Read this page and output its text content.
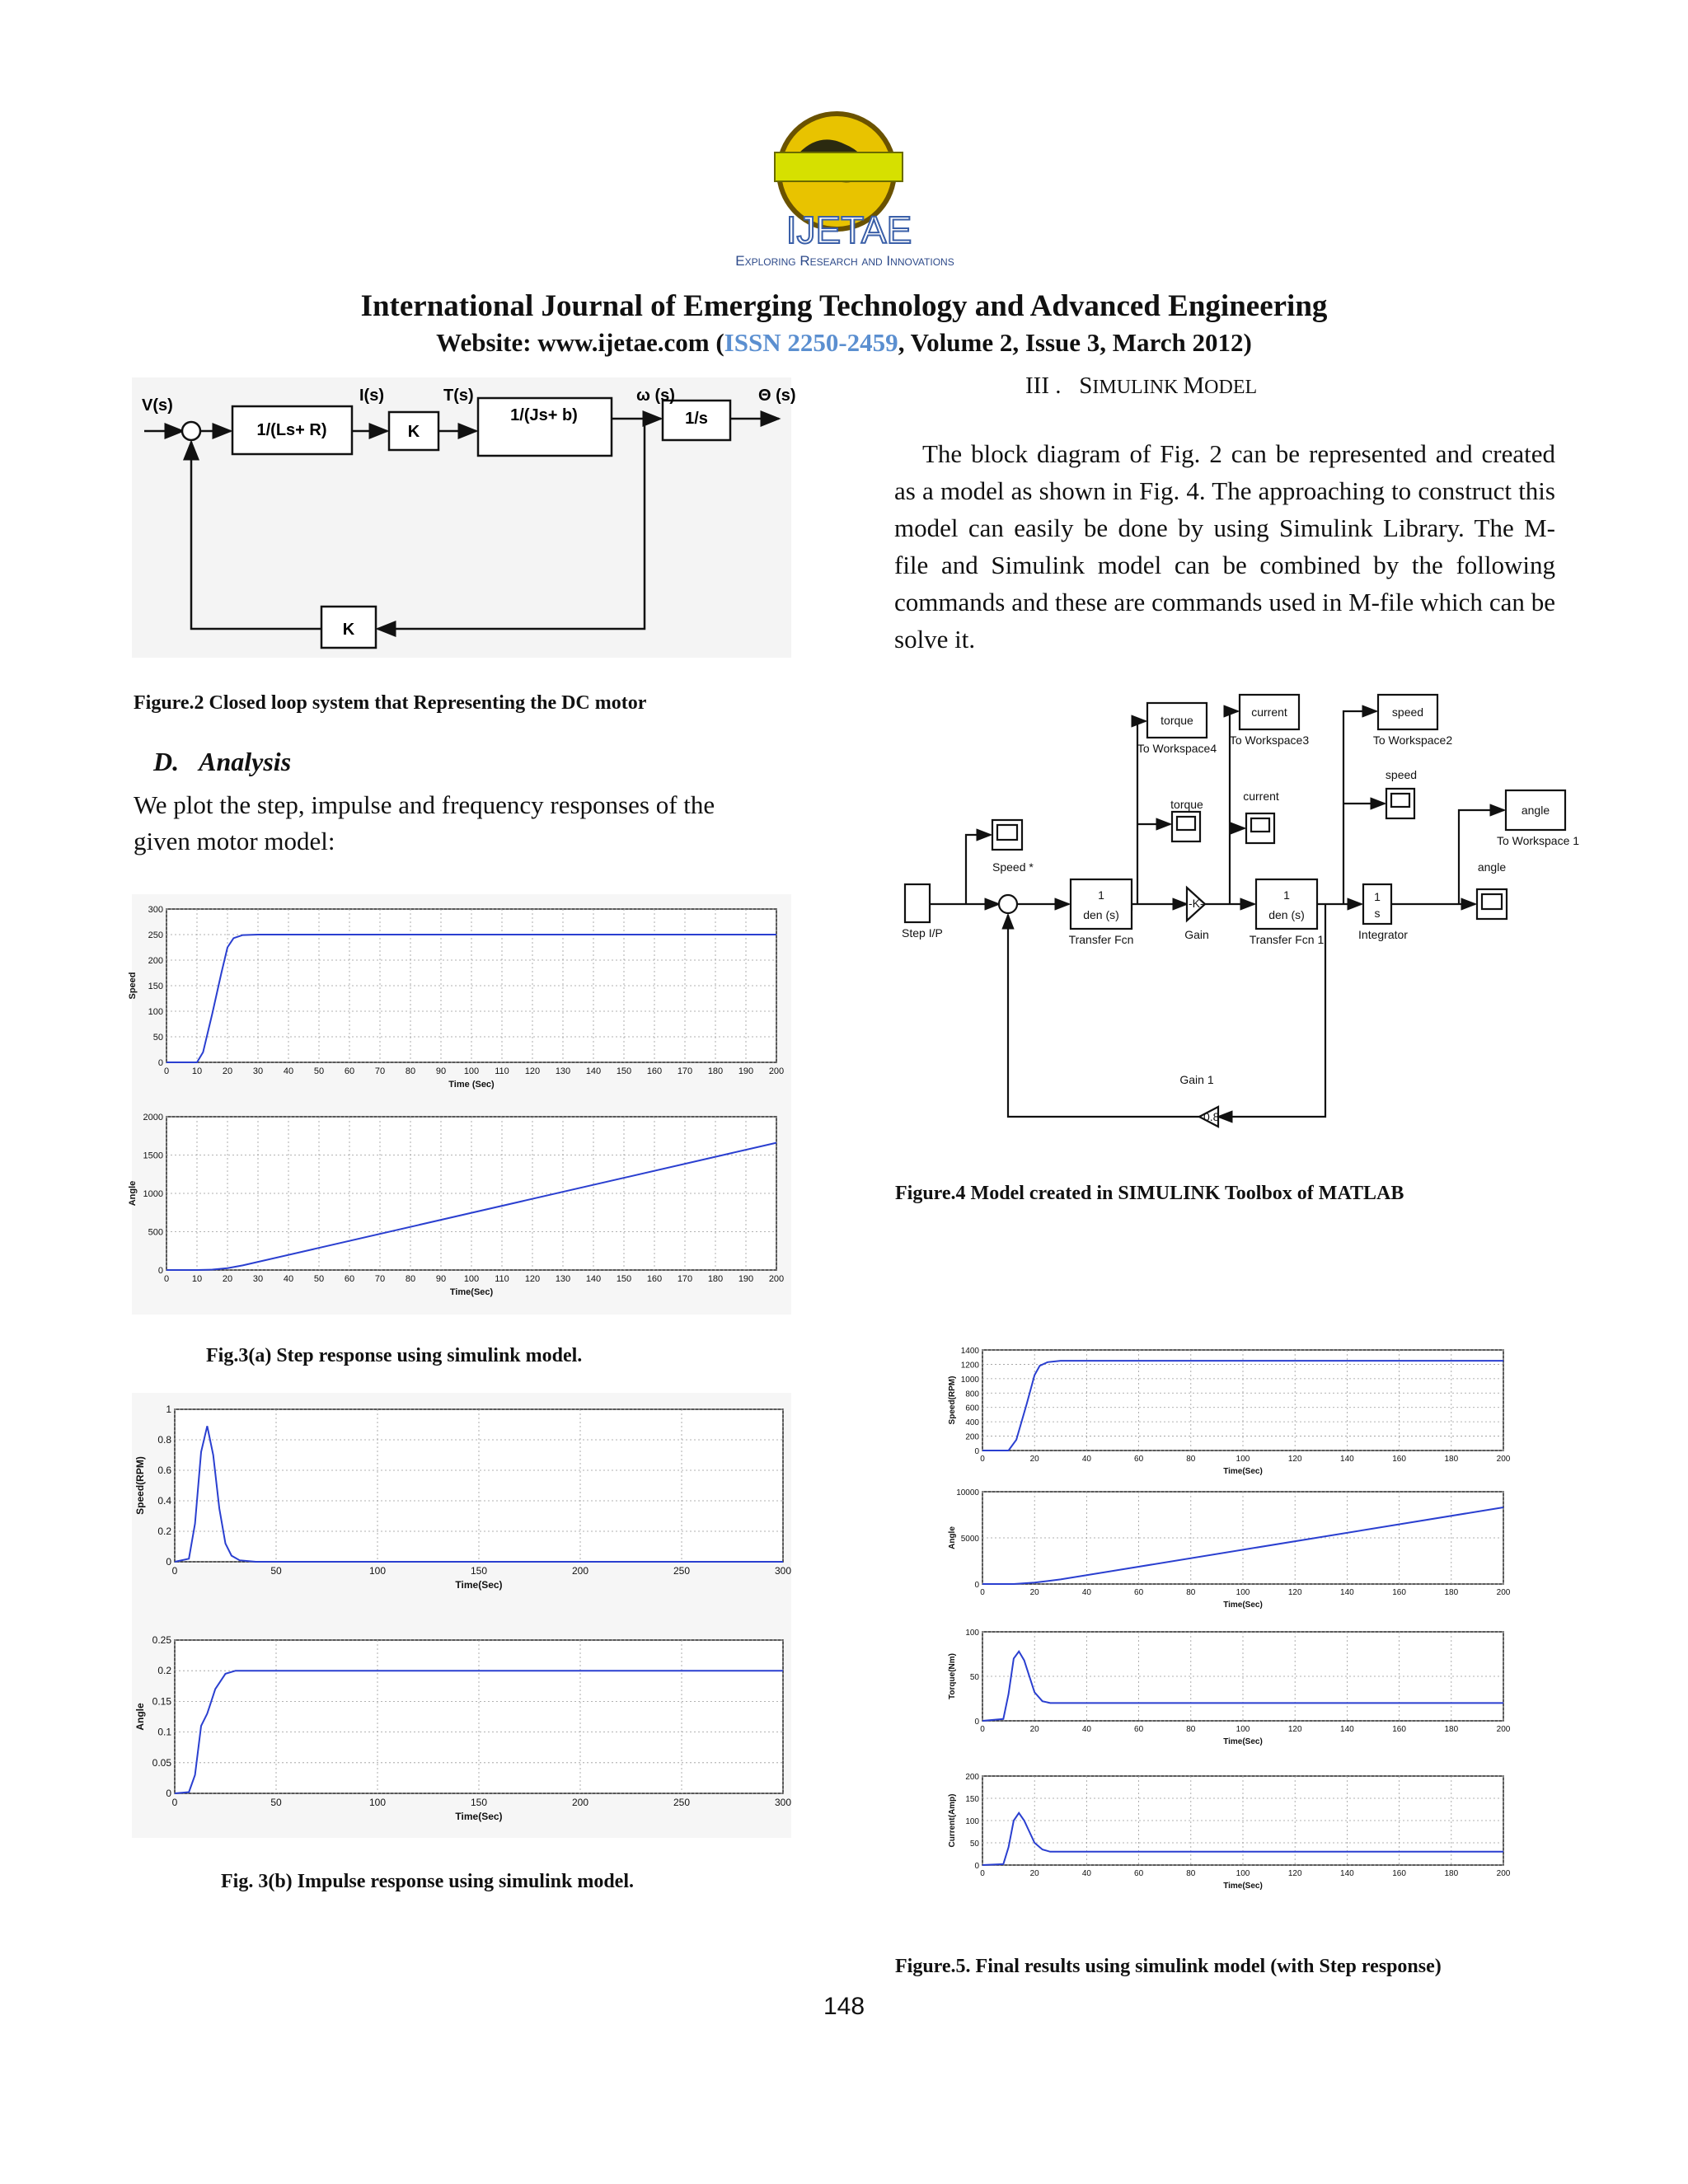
IJETAE
Exploring Research and Innovations
International Journal of Emerging Technology and Advanced Engineering
Website: www.ijetae.com (ISSN 2250-2459, Volume 2, Issue 3, March 2012)
V(s)
I(s)	T(s)	ω (s)	Θ (s)
1/(Ls+ R)	K
1/(Js+ b)	1/s
K
Figure.2 Closed loop system that Representing the DC motor
D. Analysis
We plot the step, impulse and frequency responses of the given motor model:
0	10 20 30 40 50 60 70 80 90 100 110 120 130 140 150 160 170 180 190 200
0
50
100
150
200
250
300
Time (Sec)
Speed
0	10 20 30 40 50 60 70 80 90 100 110 120 130 140 150 160 170 180 190 200
0
500
1000
1500
2000
Time(Sec)
Angle
Fig.3(a) Step response using simulink model.
0	50	100	150	200	250	300
0
0.2
0.4
0.6
0.8
1
Time(Sec)
Speed(RPM)
0	50	100	150	200	250	300
0
0.05
0.1
0.15
0.2
0.25
Time(Sec)
Angle
Fig. 3(b) Impulse response using simulink model.
III . SIMULINK MODEL
The block diagram of Fig. 2 can be represented and created as a model as shown in Fig. 4. The approaching to construct this model can easily be done by using Simulink Library. The M- file and Simulink model can be combined by the following commands and these are commands used in M-file which can be solve it.
Step I/P
Speed *
1
den (s)
Transfer Fcn
-K-
Gain
1
den (s)
Transfer Fcn 1
1
s
Integrator
0.8
Gain 1
torque
To Workspace4
torque
current
To Workspace3
current
speed
To Workspace2
speed
angle
To Workspace 1
angle
Figure.4 Model created in SIMULINK Toolbox of MATLAB
0	20	40	60	80	100	120	140	160	180	200
0
200
400
600
800
1000
1200
1400
Time(Sec)
Speed(RPM)
0	20	40	60	80	100	120	140	160	180	200
0
5000
10000
Time(Sec)
Angle
0	20	40	60	80	100	120	140	160	180	200
0
50
100
Time(Sec)
Torque(Nm)
0	20	40	60	80	100	120	140	160	180	200
0
50
100
150
200
Time(Sec)
Current(Amp)
Figure.5. Final results using simulink model (with Step response)
148
